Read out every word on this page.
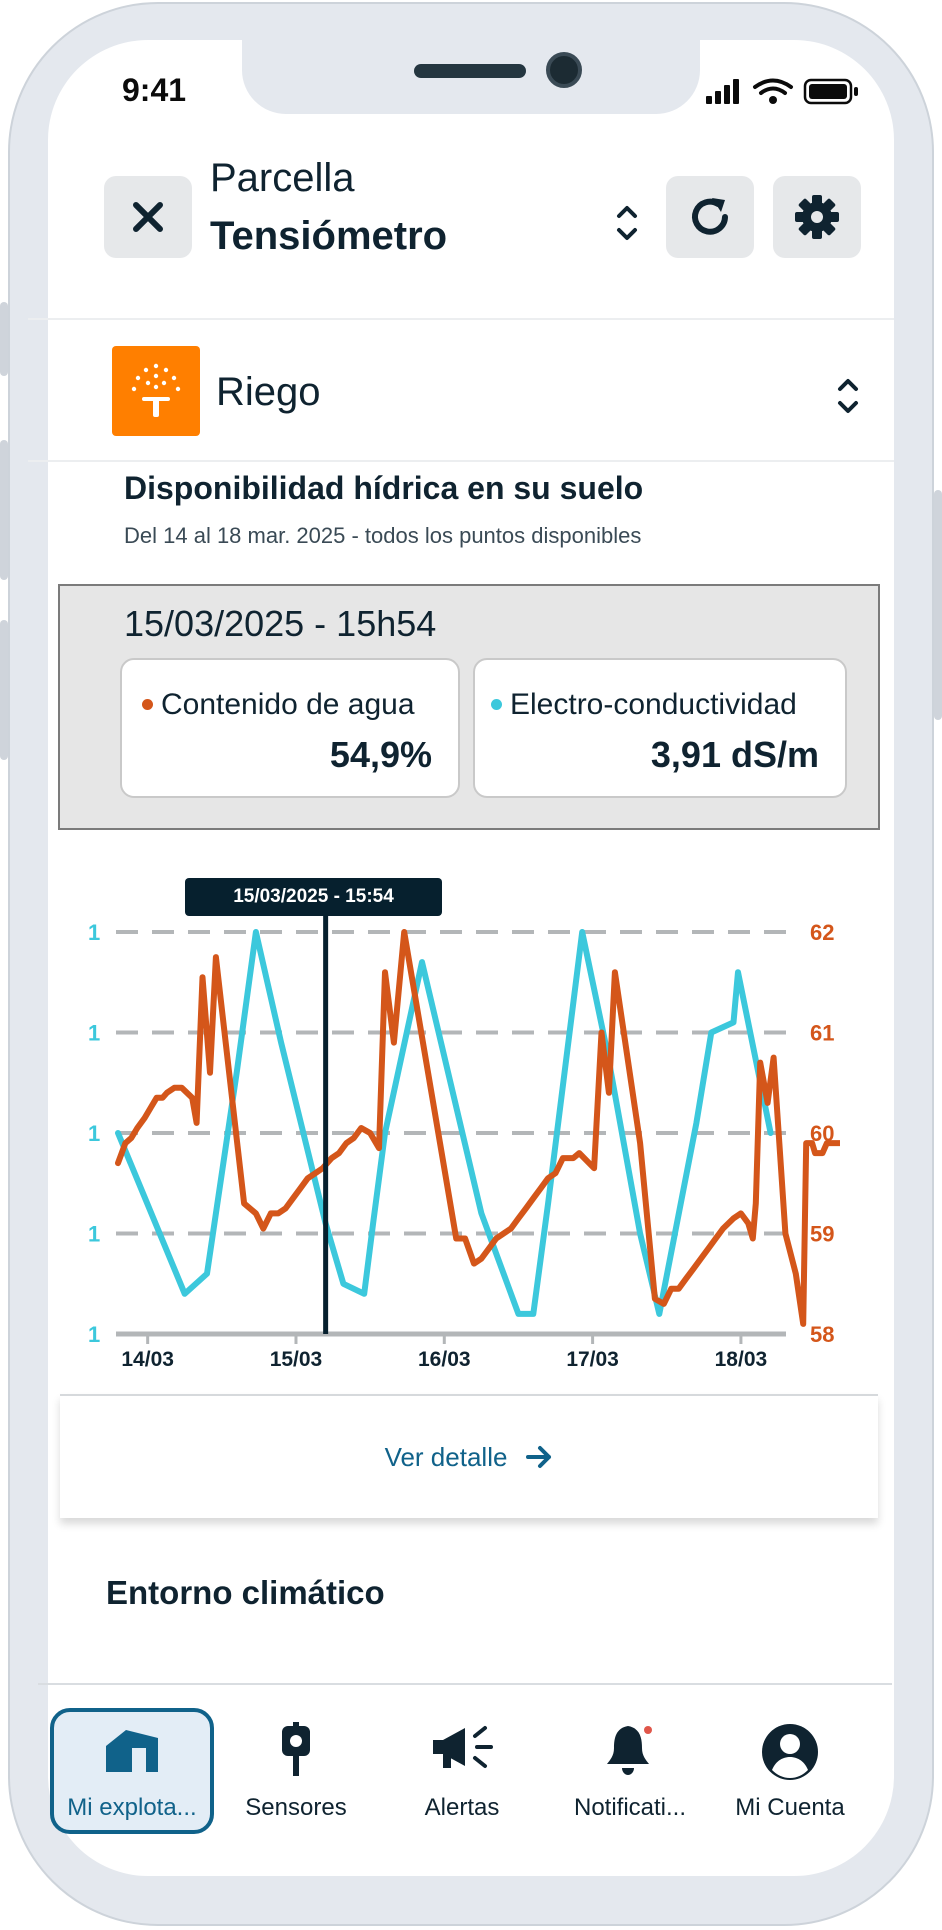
9:41
Parcella
Tensiómetro
Riego
Disponibilidad hídrica en su suelo
Del 14 al 18 mar. 2025 - todos los puntos disponibles
15/03/2025 - 15h54
Contenido de agua
54,9%
Electro-conductividad
3,91 dS/m
58
1
59
1
60
1
61
1
62
1
14/03	15/03	16/03	17/03	18/03
15/03/2025 - 15:54
Ver detalle
Entorno climático
Mi explota...	Sensores	Alertas	Notificati...	Mi Cuenta
